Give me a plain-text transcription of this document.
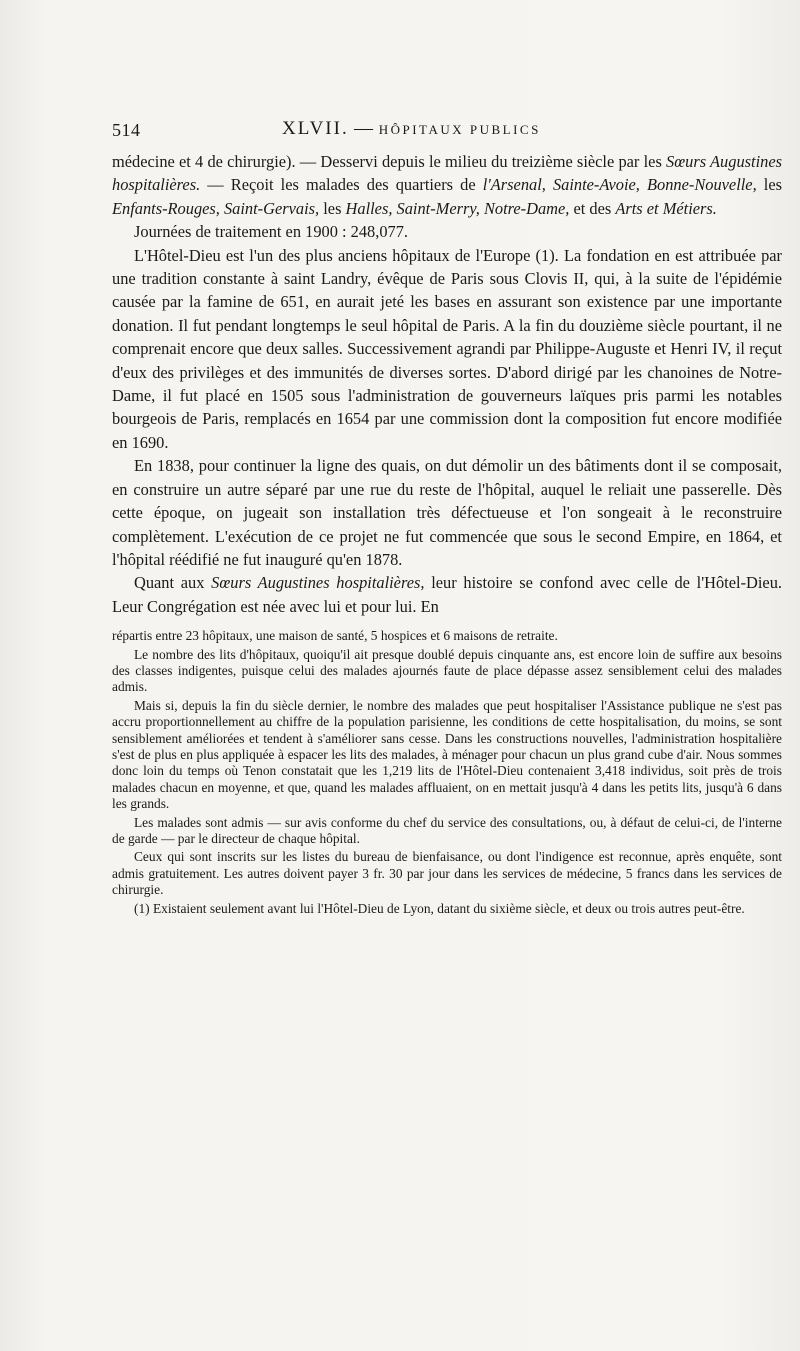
514	XLVII. — HÔPITAUX PUBLICS

médecine et 4 de chirurgie). — Desservi depuis le milieu du treizième siècle par les Sœurs Augustines hospitalières. — Reçoit les malades des quartiers de l'Arsenal, Sainte-Avoie, Bonne-Nouvelle, les Enfants-Rouges, Saint-Gervais, les Halles, Saint-Merry, Notre-Dame, et des Arts et Métiers.

Journées de traitement en 1900 : 248,077.

L'Hôtel-Dieu est l'un des plus anciens hôpitaux de l'Europe (1). La fondation en est attribuée par une tradition constante à saint Landry, évêque de Paris sous Clovis II, qui, à la suite de l'épidémie causée par la famine de 651, en aurait jeté les bases en assurant son existence par une importante donation. Il fut pendant longtemps le seul hôpital de Paris. A la fin du douzième siècle pourtant, il ne comprenait encore que deux salles. Successivement agrandi par Philippe-Auguste et Henri IV, il reçut d'eux des privilèges et des immunités de diverses sortes. D'abord dirigé par les chanoines de Notre-Dame, il fut placé en 1505 sous l'administration de gouverneurs laïques pris parmi les notables bourgeois de Paris, remplacés en 1654 par une commission dont la composition fut encore modifiée en 1690.

En 1838, pour continuer la ligne des quais, on dut démolir un des bâtiments dont il se composait, en construire un autre séparé par une rue du reste de l'hôpital, auquel le reliait une passerelle. Dès cette époque, on jugeait son installation très défectueuse et l'on songeait à le reconstruire complètement. L'exécution de ce projet ne fut commencée que sous le second Empire, en 1864, et l'hôpital réédifié ne fut inauguré qu'en 1878.

Quant aux Sœurs Augustines hospitalières, leur histoire se confond avec celle de l'Hôtel-Dieu. Leur Congrégation est née avec lui et pour lui. En

répartis entre 23 hôpitaux, une maison de santé, 5 hospices et 6 maisons de retraite.

Le nombre des lits d'hôpitaux, quoiqu'il ait presque doublé depuis cinquante ans, est encore loin de suffire aux besoins des classes indigentes, puisque celui des malades ajournés faute de place dépasse assez sensiblement celui des malades admis.

Mais si, depuis la fin du siècle dernier, le nombre des malades que peut hospitaliser l'Assistance publique ne s'est pas accru proportionnellement au chiffre de la population parisienne, les conditions de cette hospitalisation, du moins, se sont sensiblement améliorées et tendent à s'améliorer sans cesse. Dans les constructions nouvelles, l'administration hospitalière s'est de plus en plus appliquée à espacer les lits des malades, à ménager pour chacun un plus grand cube d'air. Nous sommes donc loin du temps où Tenon constatait que les 1,219 lits de l'Hôtel-Dieu contenaient 3,418 individus, soit près de trois malades chacun en moyenne, et que, quand les malades affluaient, on en mettait jusqu'à 4 dans les petits lits, jusqu'à 6 dans les grands.

Les malades sont admis — sur avis conforme du chef du service des consultations, ou, à défaut de celui-ci, de l'interne de garde — par le directeur de chaque hôpital.

Ceux qui sont inscrits sur les listes du bureau de bienfaisance, ou dont l'indigence est reconnue, après enquête, sont admis gratuitement. Les autres doivent payer 3 fr. 30 par jour dans les services de médecine, 5 francs dans les services de chirurgie.

(1) Existaient seulement avant lui l'Hôtel-Dieu de Lyon, datant du sixième siècle, et deux ou trois autres peut-être.
